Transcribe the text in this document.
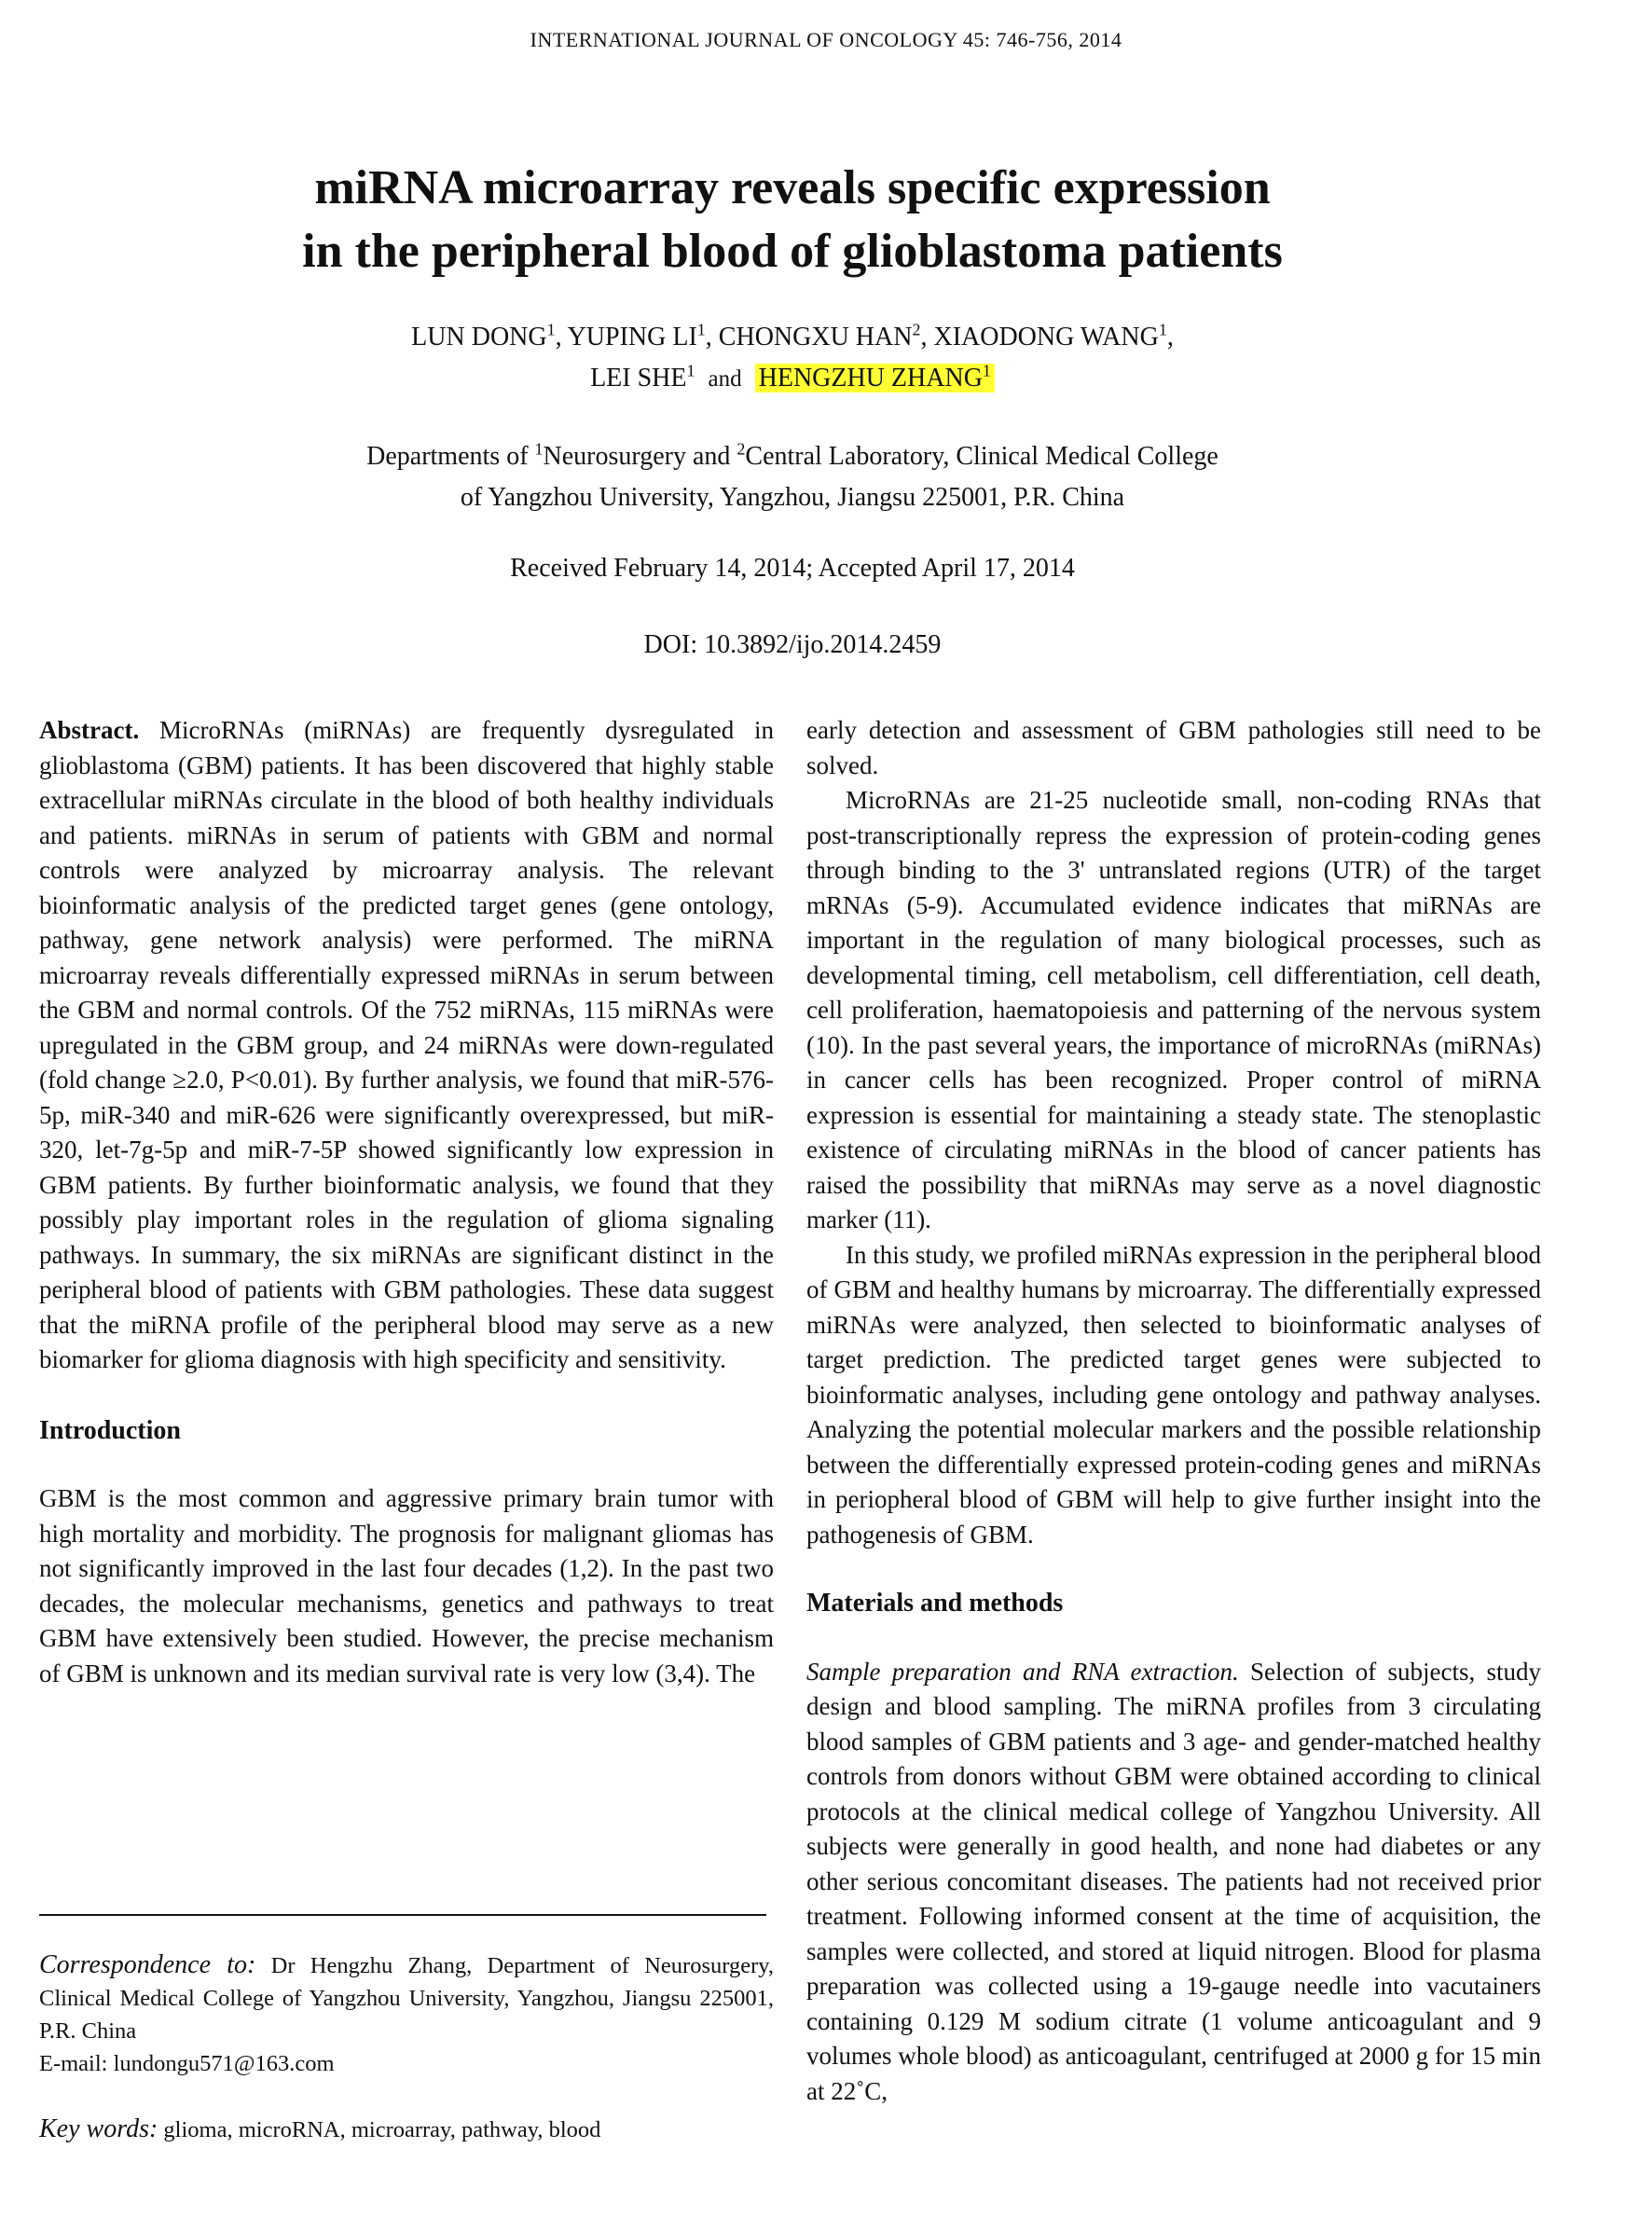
INTERNATIONAL JOURNAL OF ONCOLOGY 45: 746-756, 2014
miRNA microarray reveals specific expression
in the peripheral blood of glioblastoma patients
LUN DONG$^1$, YUPING $LI^1$, CHONGXU HAN$^2$, XIAODONG WANG$^1$,
LEI SHE$^1$ and HENGZHU ZHANG$^1$
Departments of $^1$Neurosurgery and $^2$Central Laboratory, Clinical Medical College
of Yangzhou University, Yangzhou, Jiangsu 225001, P.R. China
Received February 14, 2014; Accepted April 17, 2014
DOI: 10.3892/ijo.2014.2459

Abstract. MicroRNAs (miRNAs) are frequently dysregulated in glioblastoma (GBM) patients. It has been discovered that highly stable extracellular miRNAs circulate in the blood of both healthy individuals and patients. miRNAs in serum of patients with GBM and normal controls were analyzed by microarray analysis. The relevant bioinformatic analysis of the predicted target genes (gene ontology, pathway, gene network analysis) were performed. The miRNA microarray reveals differentially expressed miRNAs in serum between the GBM and normal controls. Of the 752 miRNAs, 115 miRNAs were upregulated in the GBM group, and 24 miRNAs were down-regulated (fold change ≥2.0, P<0.01). By further analysis, we found that miR-576-5p, miR-340 and miR-626 were significantly overexpressed, but miR-320, let-7g-5p and miR-7-5P showed significantly low expression in GBM patients. By further bioinformatic analysis, we found that they possibly play important roles in the regulation of glioma signaling pathways. In summary, the six miRNAs are significant distinct in the peripheral blood of patients with GBM pathologies. These data suggest that the miRNA profile of the peripheral blood may serve as a new biomarker for glioma diagnosis with high specificity and sensitivity.

Introduction

GBM is the most common and aggressive primary brain tumor with high mortality and morbidity. The prognosis for malignant gliomas has not significantly improved in the last four decades (1,2). In the past two decades, the molecular mechanisms, genetics and pathways to treat GBM have extensively been studied. However, the precise mechanism of GBM is unknown and its median survival rate is very low (3,4). The

Correspondence to: Dr Hengzhu Zhang, Department of Neurosurgery, Clinical Medical College of Yangzhou University, Yangzhou, Jiangsu 225001, P.R. China
E-mail: lundongu571@163.com
Key words: glioma, microRNA, microarray, pathway, blood

early detection and assessment of GBM pathologies still need to be solved.

MicroRNAs are 21-25 nucleotide small, non-coding RNAs that post-transcriptionally repress the expression of protein-coding genes through binding to the 3' untranslated regions (UTR) of the target mRNAs (5-9). Accumulated evidence indicates that miRNAs are important in the regulation of many biological processes, such as developmental timing, cell metabolism, cell differentiation, cell death, cell proliferation, haematopoiesis and patterning of the nervous system (10). In the past several years, the importance of microRNAs (miRNAs) in cancer cells has been recognized. Proper control of miRNA expression is essential for maintaining a steady state. The stenoplastic existence of circulating miRNAs in the blood of cancer patients has raised the possibility that miRNAs may serve as a novel diagnostic marker (11).

In this study, we profiled miRNAs expression in the peripheral blood of GBM and healthy humans by microarray. The differentially expressed miRNAs were analyzed, then selected to bioinformatic analyses of target prediction. The predicted target genes were subjected to bioinformatic analyses, including gene ontology and pathway analyses. Analyzing the potential molecular markers and the possible relationship between the differentially expressed protein-coding genes and miRNAs in periopheral blood of GBM will help to give further insight into the pathogenesis of GBM.

Materials and methods

Sample preparation and RNA extraction. Selection of subjects, study design and blood sampling. The miRNA profiles from 3 circulating blood samples of GBM patients and 3 age- and gender-matched healthy controls from donors without GBM were obtained according to clinical protocols at the clinical medical college of Yangzhou University. All subjects were generally in good health, and none had diabetes or any other serious concomitant diseases. The patients had not received prior treatment. Following informed consent at the time of acquisition, the samples were collected, and stored at liquid nitrogen. Blood for plasma preparation was collected using a 19-gauge needle into vacutainers containing 0.129 M sodium citrate (1 volume anticoagulant and 9 volumes whole blood) as anticoagulant, centrifuged at 2000 g for 15 min at 22˚C,
